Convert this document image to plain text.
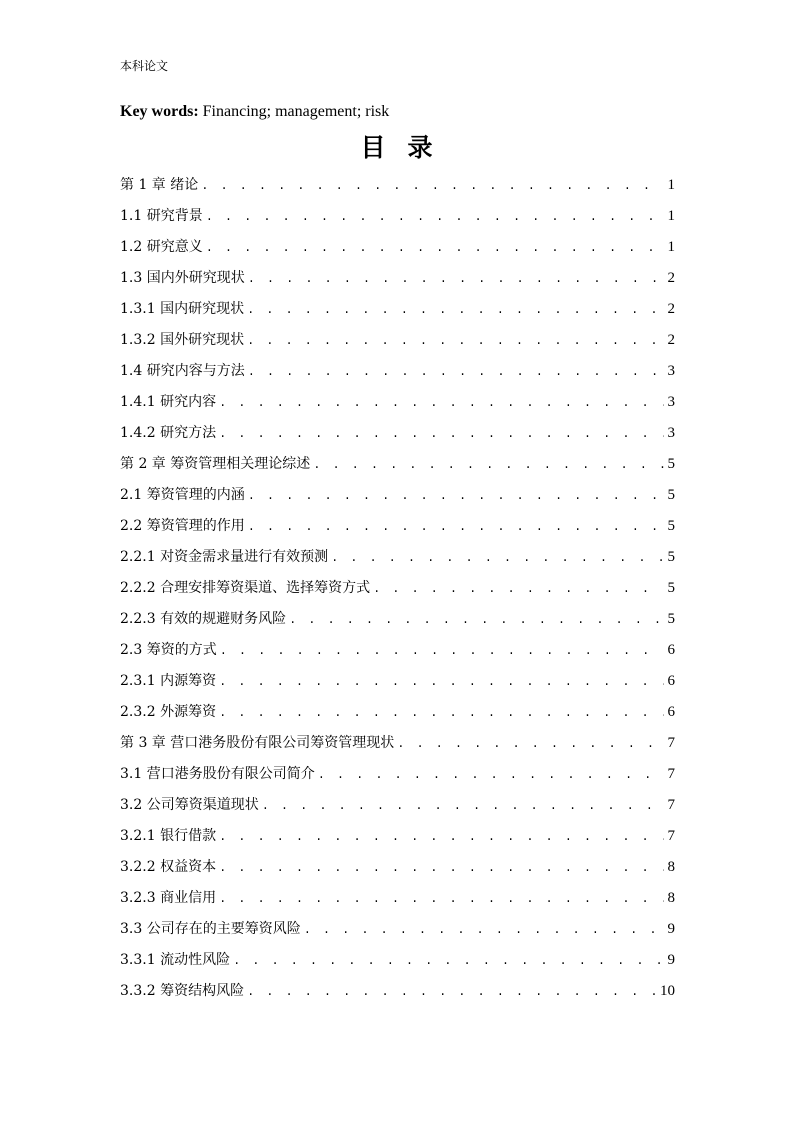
本科论文
Key words: Financing; management; risk
目录
第 1 章 绪论 . . .	1
1.1 研究背景 . . .	1
1.2 研究意义 . . .	1
1.3 国内外研究现状 . . .	2
1.3.1 国内研究现状 . . .	2
1.3.2 国外研究现状 . . .	2
1.4 研究内容与方法 . . .	3
1.4.1 研究内容 . . .	3
1.4.2 研究方法 . . .	3
第 2 章 筹资管理相关理论综述 . . .	5
2.1 筹资管理的内涵 . . .	5
2.2 筹资管理的作用 . . .	5
2.2.1 对资金需求量进行有效预测 . . .	5
2.2.2 合理安排筹资渠道、选择筹资方式 . . .	5
2.2.3 有效的规避财务风险 . . .	5
2.3 筹资的方式 . . .	6
2.3.1 内源筹资 . . .	6
2.3.2 外源筹资 . . .	6
第 3 章 营口港务股份有限公司筹资管理现状 . . .	7
3.1 营口港务股份有限公司简介 . . .	7
3.2 公司筹资渠道现状 . . .	7
3.2.1 银行借款 . . .	7
3.2.2 权益资本 . . .	8
3.2.3 商业信用 . . .	8
3.3 公司存在的主要筹资风险 . . .	9
3.3.1 流动性风险 . . .	9
3.3.2 筹资结构风险 . . .	10
